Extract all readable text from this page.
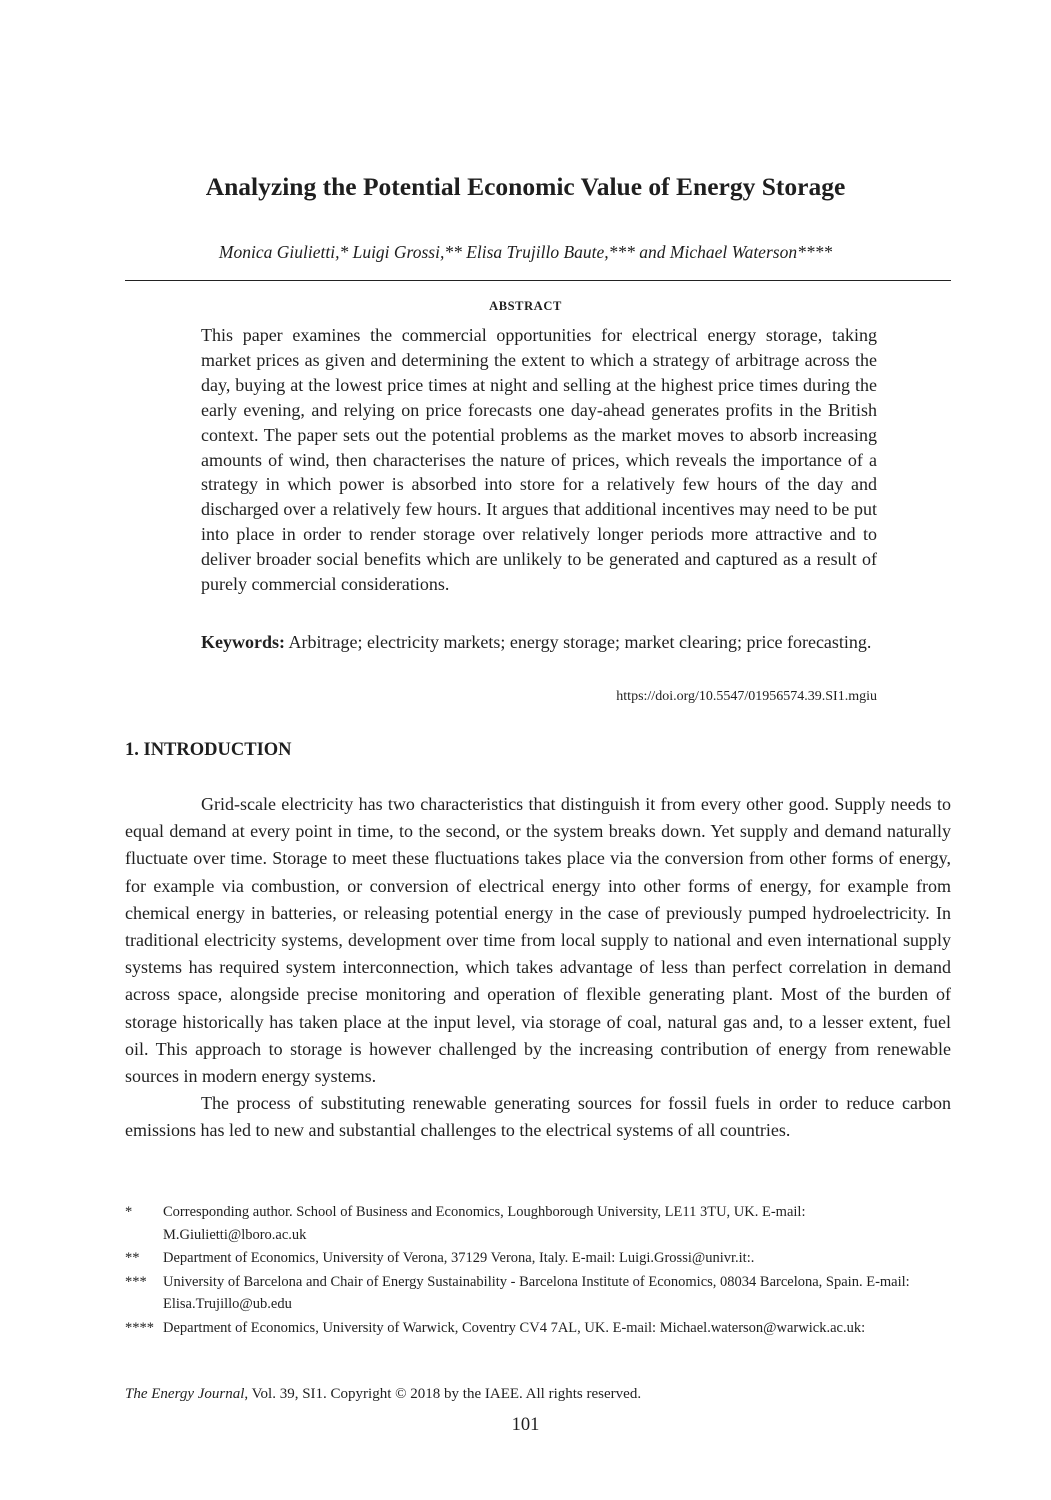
Analyzing the Potential Economic Value of Energy Storage
Monica Giulietti,* Luigi Grossi,** Elisa Trujillo Baute,*** and Michael Waterson****
ABSTRACT

This paper examines the commercial opportunities for electrical energy storage, taking market prices as given and determining the extent to which a strategy of arbitrage across the day, buying at the lowest price times at night and selling at the highest price times during the early evening, and relying on price forecasts one day-ahead generates profits in the British context. The paper sets out the potential problems as the market moves to absorb increasing amounts of wind, then characterises the nature of prices, which reveals the importance of a strategy in which power is absorbed into store for a relatively few hours of the day and discharged over a relatively few hours. It argues that additional incentives may need to be put into place in order to render storage over relatively longer periods more attractive and to deliver broader social benefits which are unlikely to be generated and captured as a result of purely commercial considerations.

Keywords: Arbitrage; electricity markets; energy storage; market clearing; price forecasting.

https://doi.org/10.5547/01956574.39.SI1.mgiu
1. INTRODUCTION

Grid-scale electricity has two characteristics that distinguish it from every other good. Supply needs to equal demand at every point in time, to the second, or the system breaks down. Yet supply and demand naturally fluctuate over time. Storage to meet these fluctuations takes place via the conversion from other forms of energy, for example via combustion, or conversion of electrical energy into other forms of energy, for example from chemical energy in batteries, or releasing potential energy in the case of previously pumped hydroelectricity. In traditional electricity systems, development over time from local supply to national and even international supply systems has required system interconnection, which takes advantage of less than perfect correlation in demand across space, alongside precise monitoring and operation of flexible generating plant. Most of the burden of storage historically has taken place at the input level, via storage of coal, natural gas and, to a lesser extent, fuel oil. This approach to storage is however challenged by the increasing contribution of energy from renewable sources in modern energy systems.

The process of substituting renewable generating sources for fossil fuels in order to reduce carbon emissions has led to new and substantial challenges to the electrical systems of all countries.

* Corresponding author. School of Business and Economics, Loughborough University, LE11 3TU, UK. E-mail: M.Giulietti@lboro.ac.uk
** Department of Economics, University of Verona, 37129 Verona, Italy. E-mail: Luigi.Grossi@univr.it:.
*** University of Barcelona and Chair of Energy Sustainability - Barcelona Institute of Economics, 08034 Barcelona, Spain. E-mail: Elisa.Trujillo@ub.edu
**** Department of Economics, University of Warwick, Coventry CV4 7AL, UK. E-mail: Michael.waterson@warwick.ac.uk:
The Energy Journal, Vol. 39, SI1. Copyright © 2018 by the IAEE. All rights reserved.
101
